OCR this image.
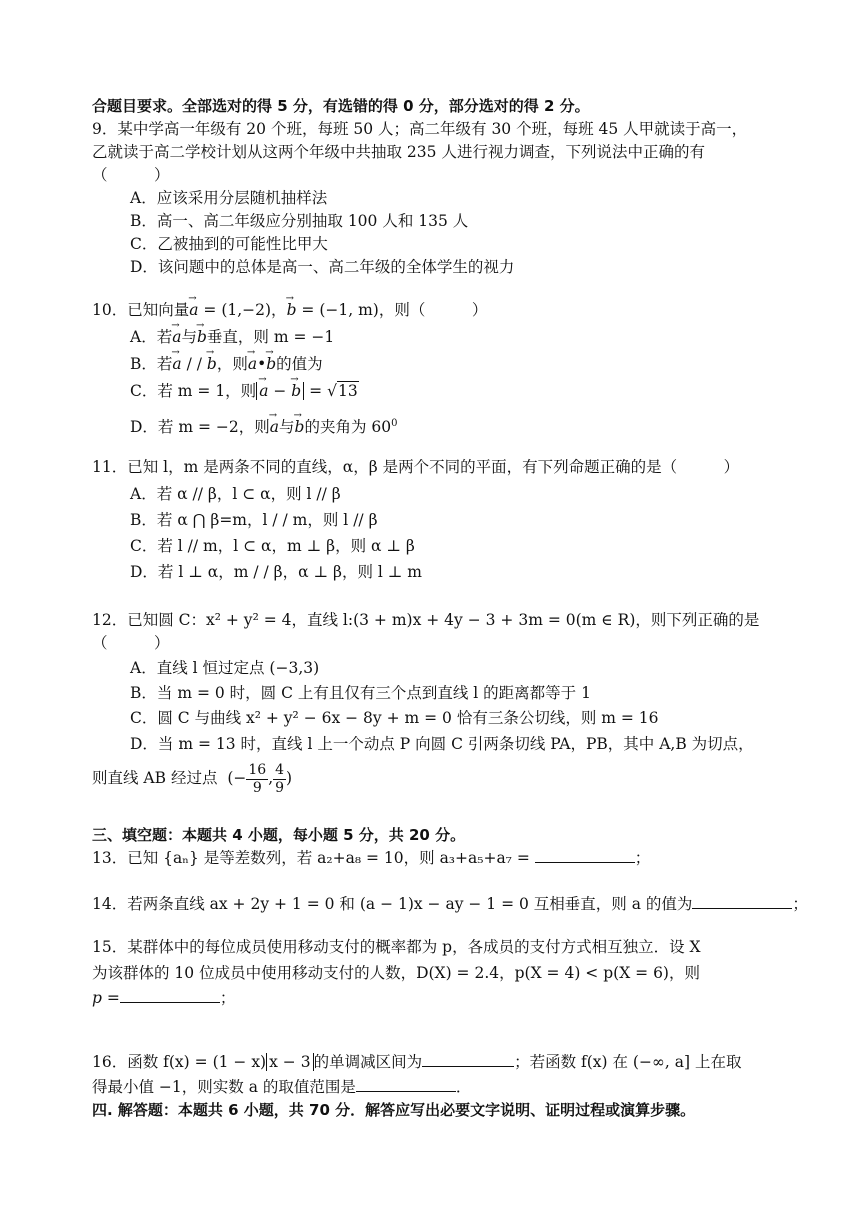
合题目要求。全部选对的得 5 分，有选错的得 0 分，部分选对的得 2 分。
9．某中学高一年级有 20 个班，每班 50 人；高二年级有 30 个班，每班 45 人甲就读于高一，
乙就读于高二学校计划从这两个年级中共抽取 235 人进行视力调查，下列说法中正确的有
（　　　）
A．应该采用分层随机抽样法
B．高一、高二年级应分别抽取 100 人和 135 人
C．乙被抽到的可能性比甲大
D．该问题中的总体是高一、高二年级的全体学生的视力
10．已知向量→ a = (1,−2)，→ b = (−1, m)，则（　　　）
A．若→ a与→ b垂直，则 m = −1
B．若→ a / / → b，则→ a•→ b的值为
C．若 m = 1，则→ a − → b = √13
D．若 m = −2，则→ a与→ b的夹角为 $60^0$
11．已知 l，m 是两条不同的直线，α，β 是两个不同的平面，有下列命题正确的是（　　　）
A．若 α // β，l ⊂ α，则 l // β
B．若 α ⋂ β=m，l / / m，则 l // β
C．若 l // m，l ⊂ α，m ⊥ β，则 α ⊥ β
D．若 l ⊥ α，m / / β，α ⊥ β，则 l ⊥ m
12．已知圆 C：x² + y² = 4，直线 l:(3 + m)x + 4y − 3 + 3m = 0(m ∈ R)，则下列正确的是
（　　　）
A．直线 l 恒过定点 (−3,3)
B．当 m = 0 时，圆 C 上有且仅有三个点到直线 l 的距离都等于 1
C．圆 C 与曲线 x² + y² − 6x − 8y + m = 0 恰有三条公切线，则 m = 16
D．当 m = 13 时，直线 l 上一个动点 P 向圆 C 引两条切线 PA，PB，其中 A,B 为切点，
则直线 AB 经过点 (− $\frac{16}{9}$ , $\frac{4}{9}$ )
三、填空题：本题共 4 小题，每小题 5 分，共 20 分。
13．已知 {aₙ} 是等差数列，若 a₂+a₈ = 10，则 a₃+a₅+a₇ =	；
14．若两条直线 ax + 2y + 1 = 0 和 (a − 1)x − ay − 1 = 0 互相垂直，则 a 的值为	；
15．某群体中的每位成员使用移动支付的概率都为 p，各成员的支付方式相互独立．设 X
为该群体的 10 位成员中使用移动支付的人数，D(X) = 2.4，p(X = 4) < p(X = 6)，则
p =	；
16．函数 f(x) = (1 − x) x − 3 的单调减区间为	；若函数 f(x) 在 (−∞, a] 上在取
得最小值 −1，则实数 a 的取值范围是	．
四. 解答题：本题共 6 小题，共 70 分．解答应写出必要文字说明、证明过程或演算步骤。
